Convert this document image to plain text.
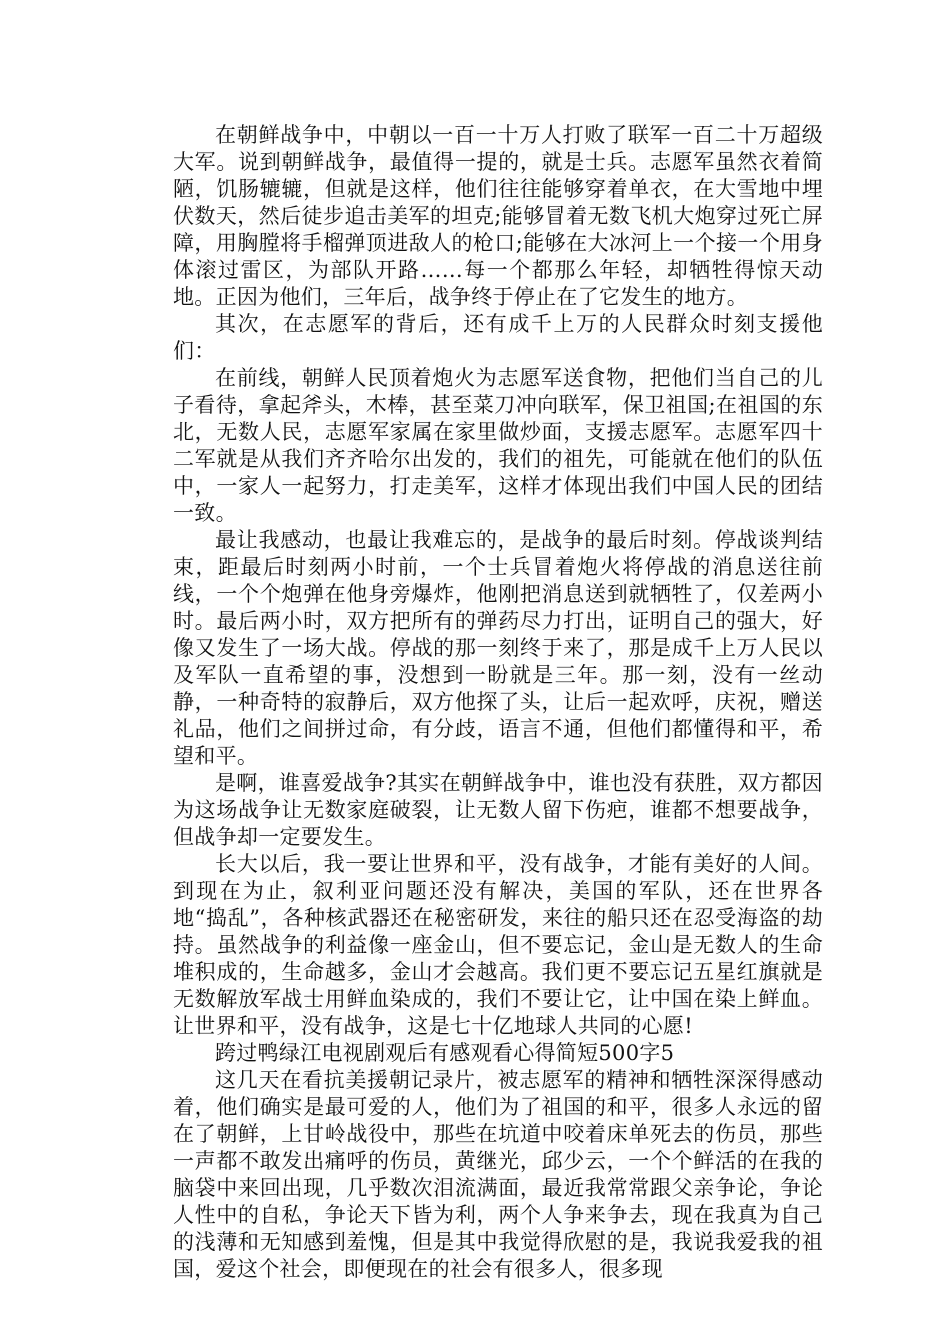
在朝鲜战争中，中朝以一百一十万人打败了联军一百二十万超级大军。说到朝鲜战争，最值得一提的，就是士兵。志愿军虽然衣着简陋，饥肠辘辘，但就是这样，他们往往能够穿着单衣，在大雪地中埋伏数天，然后徒步追击美军的坦克;能够冒着无数飞机大炮穿过死亡屏障，用胸膛将手榴弹顶进敌人的枪口;能够在大冰河上一个接一个用身体滚过雷区，为部队开路……每一个都那么年轻，却牺牲得惊天动地。正因为他们，三年后，战争终于停止在了它发生的地方。

其次，在志愿军的背后，还有成千上万的人民群众时刻支援他们：

在前线，朝鲜人民顶着炮火为志愿军送食物，把他们当自己的儿子看待，拿起斧头，木棒，甚至菜刀冲向联军，保卫祖国;在祖国的东北，无数人民，志愿军家属在家里做炒面，支援志愿军。志愿军四十二军就是从我们齐齐哈尔出发的，我们的祖先，可能就在他们的队伍中，一家人一起努力，打走美军，这样才体现出我们中国人民的团结一致。

最让我感动，也最让我难忘的，是战争的最后时刻。停战谈判结束，距最后时刻两小时前，一个士兵冒着炮火将停战的消息送往前线，一个个炮弹在他身旁爆炸，他刚把消息送到就牺牲了，仅差两小时。最后两小时，双方把所有的弹药尽力打出，证明自己的强大，好像又发生了一场大战。停战的那一刻终于来了，那是成千上万人民以及军队一直希望的事，没想到一盼就是三年。那一刻，没有一丝动静，一种奇特的寂静后，双方他探了头，让后一起欢呼，庆祝，赠送礼品，他们之间拼过命，有分歧，语言不通，但他们都懂得和平，希望和平。

是啊，谁喜爱战争?其实在朝鲜战争中，谁也没有获胜，双方都因为这场战争让无数家庭破裂，让无数人留下伤疤，谁都不想要战争，但战争却一定要发生。

长大以后，我一要让世界和平，没有战争，才能有美好的人间。到现在为止，叙利亚问题还没有解决，美国的军队，还在世界各地“捣乱”，各种核武器还在秘密研发，来往的船只还在忍受海盗的劫持。虽然战争的利益像一座金山，但不要忘记，金山是无数人的生命堆积成的，生命越多，金山才会越高。我们更不要忘记五星红旗就是无数解放军战士用鲜血染成的，我们不要让它，让中国在染上鲜血。让世界和平，没有战争，这是七十亿地球人共同的心愿!

跨过鸭绿江电视剧观后有感观看心得简短500字5

这几天在看抗美援朝记录片，被志愿军的精神和牺牲深深得感动着，他们确实是最可爱的人，他们为了祖国的和平，很多人永远的留在了朝鲜，上甘岭战役中，那些在坑道中咬着床单死去的伤员，那些一声都不敢发出痛呼的伤员，黄继光，邱少云，一个个鲜活的在我的脑袋中来回出现，几乎数次泪流满面，最近我常常跟父亲争论，争论人性中的自私，争论天下皆为利，两个人争来争去，现在我真为自己的浅薄和无知感到羞愧，但是其中我觉得欣慰的是，我说我爱我的祖国，爱这个社会，即便现在的社会有很多人，很多现
